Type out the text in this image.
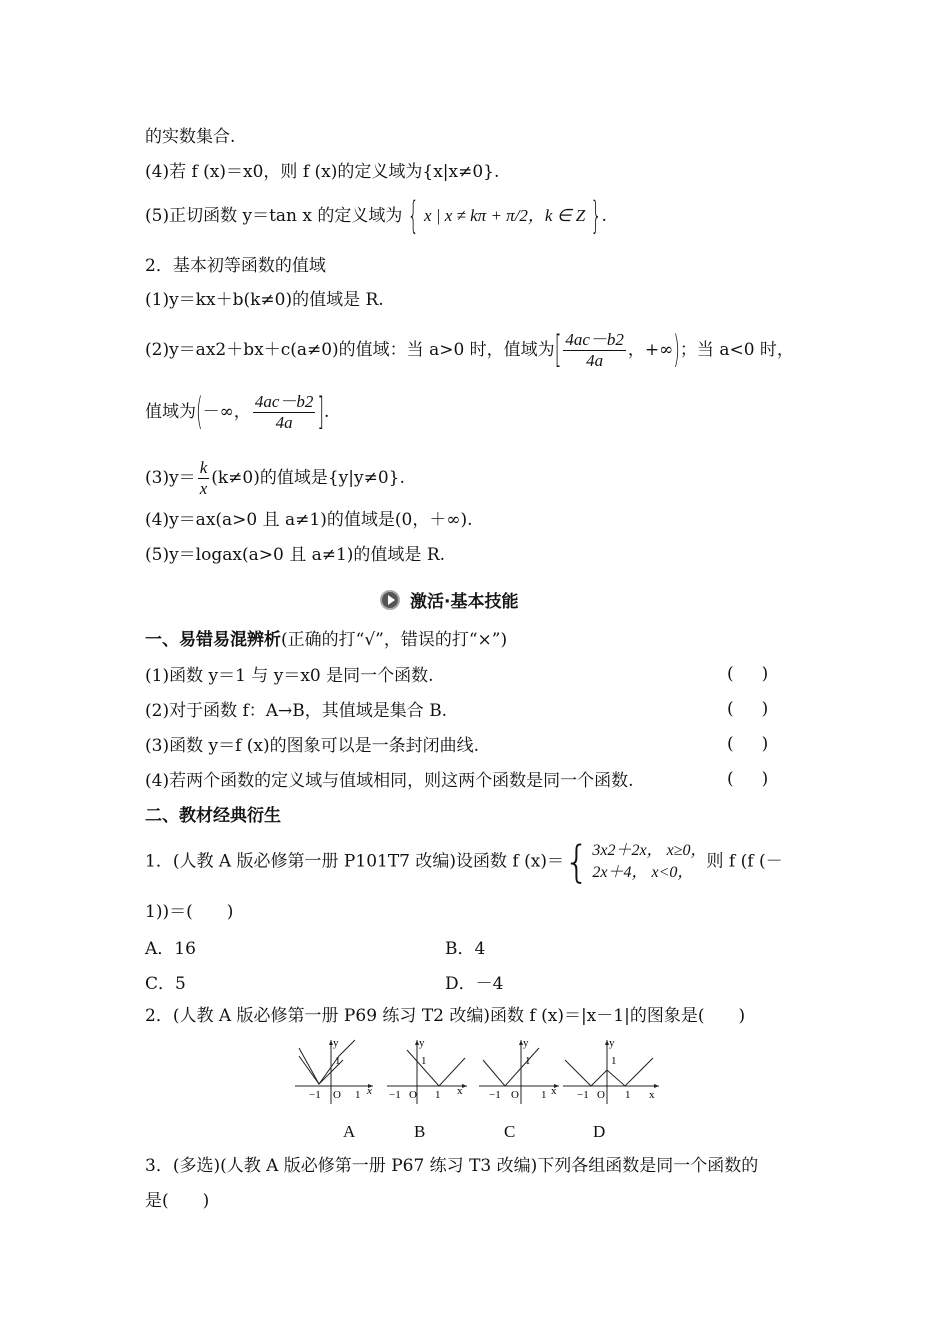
的实数集合.
(4)若 f (x)＝x0，则 f (x)的定义域为{x|x≠0}.
(5)正切函数 y＝tan x 的定义域为 { x | x ≠ kπ + π/2，k ∈ Z }.
2．基本初等函数的值域
(1)y＝kx＋b(k≠0)的值域是 R.
(2)y＝ax2＋bx＋c(a≠0)的值域：当 a>0 时，值域为[ $\frac{4ac-b2}{4a}$ ，+∞)；当 a<0 时，
值域为(－∞， $\frac{4ac-b2}{4a}$ ].
$(3)y= \frac{k}{x} (k\ne 0)$的值域是{y|y≠0}.
(4)y＝ax(a>0 且 a≠1)的值域是(0，＋∞).
(5)y＝logax(a>0 且 a≠1)的值域是 R.
激活·基本技能
一、易错易混辨析(正确的打“√”，错误的打“×”)
(1)函数 y＝1 与 y＝x0 是同一个函数.	( )
(2)对于函数 f：A→B，其值域是集合 B.	( )
(3)函数 y＝f (x)的图象可以是一条封闭曲线.	( )
(4)若两个函数的定义域与值域相同，则这两个函数是同一个函数.	( )
二、教材经典衍生
1．(人教 A 版必修第一册 P101T7 改编)设函数 f (x)＝ { 3x2＋2x， x≥0，
2x＋4， x<0，
则 f (f (－
1))＝(　　)
A．16	B．4
C．5	D．－4
2．(人教 A 版必修第一册 P69 练习 T2 改编)函数 f (x)＝|x－1|的图象是(　　)
y
1
−1 O 1 x
y
1
−1 O 1 x
y
1
−1 O 1 x
y
1
−1 O 1 x
A	B	C	D
3．(多选)(人教 A 版必修第一册 P67 练习 T3 改编)下列各组函数是同一个函数的
是(　　)
